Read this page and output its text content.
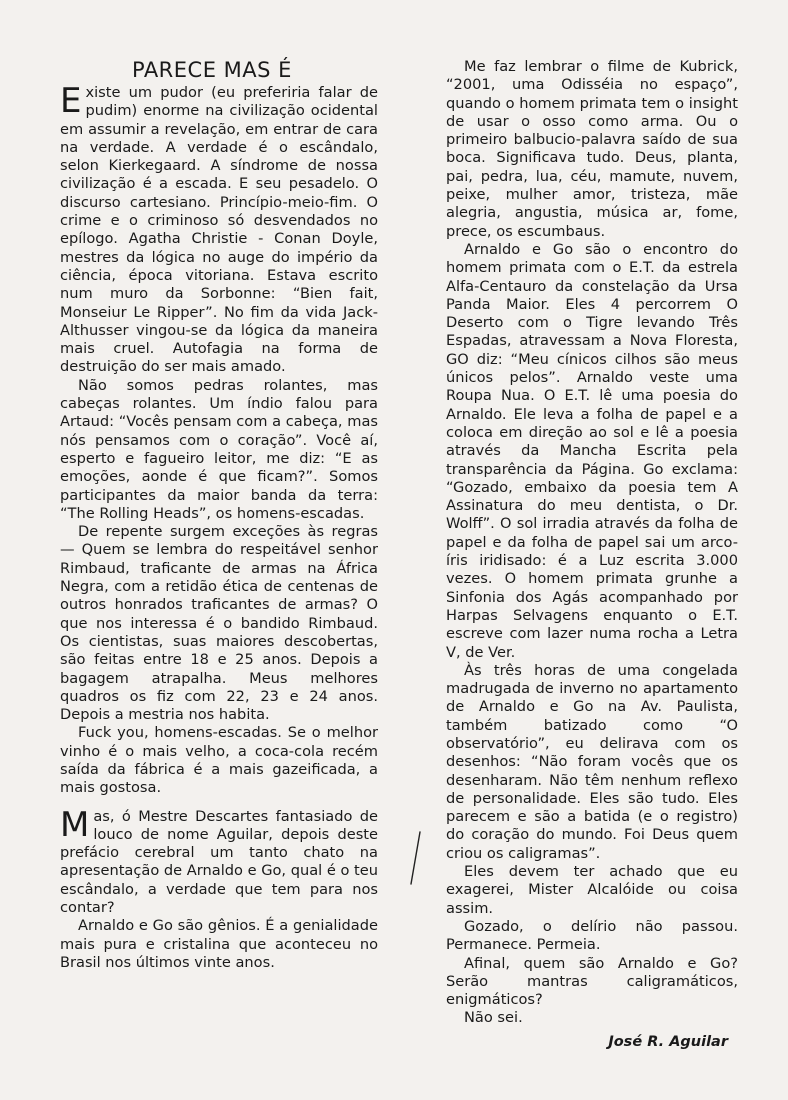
PARECE MAS É

Existe um pudor (eu preferiria falar de pudim) enorme na civilização ocidental em assumir a revelação, em entrar de cara na verdade. A verdade é o escândalo, selon Kierkegaard. A síndrome de nossa civilização é a escada. E seu pesadelo. O discurso cartesiano. Princípio-meio-fim. O crime e o criminoso só desvendados no epílogo. Agatha Christie - Conan Doyle, mestres da lógica no auge do império da ciência, época vitoriana. Estava escrito num muro da Sorbonne: “Bien fait, Monseiur Le Ripper”. No fim da vida Jack-Althusser vingou-se da lógica da maneira mais cruel. Autofagia na forma de destruição do ser mais amado.

Não somos pedras rolantes, mas cabeças rolantes. Um índio falou para Artaud: “Vocês pensam com a cabeça, mas nós pensamos com o coração”. Você aí, esperto e fagueiro leitor, me diz: “E as emoções, aonde é que ficam?”. Somos participantes da maior banda da terra: “The Rolling Heads”, os homens-escadas.

De repente surgem exceções às regras — Quem se lembra do respeitável senhor Rimbaud, traficante de armas na África Negra, com a retidão ética de centenas de outros honrados traficantes de armas? O que nos interessa é o bandido Rimbaud. Os cientistas, suas maiores descobertas, são feitas entre 18 e 25 anos. Depois a bagagem atrapalha. Meus melhores quadros os fiz com 22, 23 e 24 anos. Depois a mestria nos habita.

Fuck you, homens-escadas. Se o melhor vinho é o mais velho, a coca-cola recém saída da fábrica é a mais gazeificada, a mais gostosa.

Mas, ó Mestre Descartes fantasiado de louco de nome Aguilar, depois deste prefácio cerebral um tanto chato na apresentação de Arnaldo e Go, qual é o teu escândalo, a verdade que tem para nos contar?

Arnaldo e Go são gênios. É a genialidade mais pura e cristalina que aconteceu no Brasil nos últimos vinte anos.

Me faz lembrar o filme de Kubrick, “2001, uma Odisséia no espaço”, quando o homem primata tem o insight de usar o osso como arma. Ou o primeiro balbucio-palavra saído de sua boca. Significava tudo. Deus, planta, pai, pedra, lua, céu, mamute, nuvem, peixe, mulher amor, tristeza, mãe alegria, angustia, música ar, fome, prece, os escumbaus.

Arnaldo e Go são o encontro do homem primata com o E.T. da estrela Alfa-Centauro da constelação da Ursa Panda Maior. Eles 4 percorrem O Deserto com o Tigre levando Três Espadas, atravessam a Nova Floresta, GO diz: “Meu cínicos cilhos são meus únicos pelos”. Arnaldo veste uma Roupa Nua. O E.T. lê uma poesia do Arnaldo. Ele leva a folha de papel e a coloca em direção ao sol e lê a poesia através da Mancha Escrita pela transparência da Página. Go exclama: “Gozado, embaixo da poesia tem A Assinatura do meu dentista, o Dr. Wolff”. O sol irradia através da folha de papel e da folha de papel sai um arco-íris iridisado: é a Luz escrita 3.000 vezes. O homem primata grunhe a Sinfonia dos Agás acompanhado por Harpas Selvagens enquanto o E.T. escreve com lazer numa rocha a Letra V, de Ver.

Às três horas de uma congelada madrugada de inverno no apartamento de Arnaldo e Go na Av. Paulista, também batizado como “O observatório”, eu delirava com os desenhos: “Não foram vocês que os desenharam. Não têm nenhum reflexo de personalidade. Eles são tudo. Eles parecem e são a batida (e o registro) do coração do mundo. Foi Deus quem criou os caligramas”.

Eles devem ter achado que eu exagerei, Mister Alcalóide ou coisa assim.

Gozado, o delírio não passou. Permanece. Permeia.

Afinal, quem são Arnaldo e Go? Serão mantras caligramáticos, enigmáticos?

Não sei.

José R. Aguilar
